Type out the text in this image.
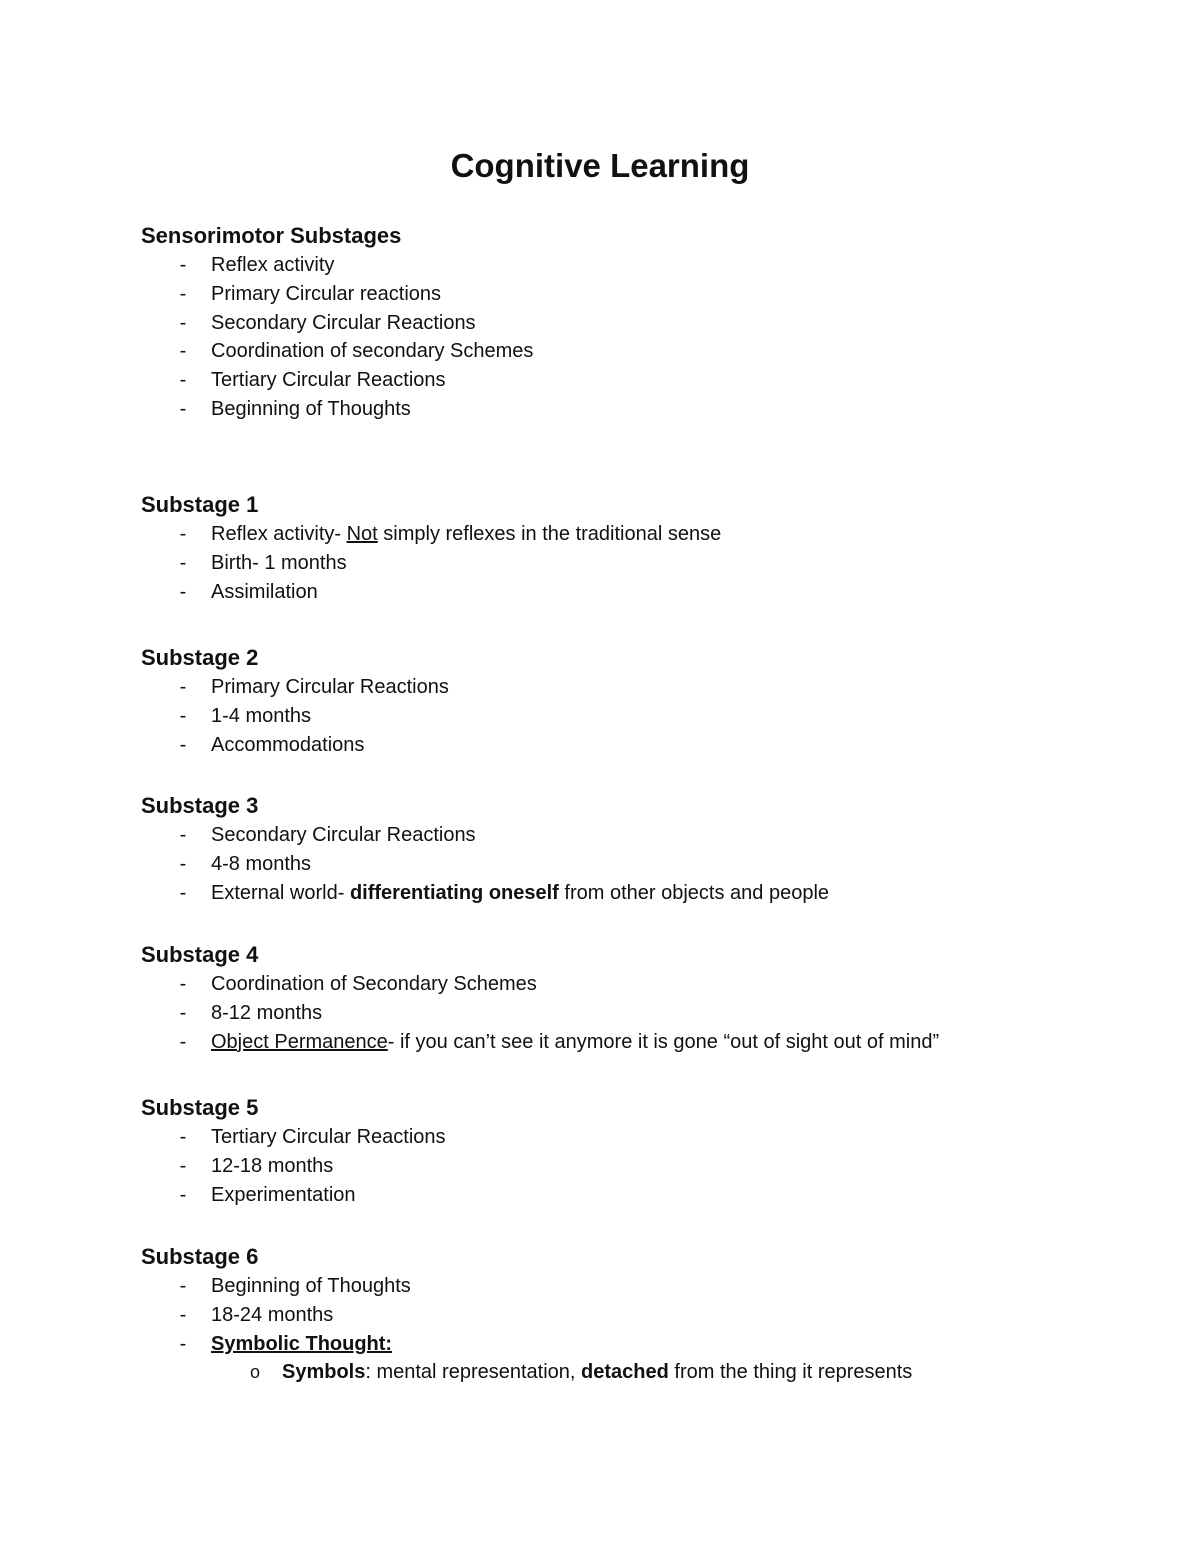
Cognitive Learning
Sensorimotor Substages
- Reflex activity
- Primary Circular reactions
- Secondary Circular Reactions
- Coordination of secondary Schemes
- Tertiary Circular Reactions
- Beginning of Thoughts
Substage 1
- Reflex activity- Not simply reflexes in the traditional sense
- Birth- 1 months
- Assimilation
Substage 2
- Primary Circular Reactions
- 1-4 months
- Accommodations
Substage 3
- Secondary Circular Reactions
- 4-8 months
- External world- differentiating oneself from other objects and people
Substage 4
- Coordination of Secondary Schemes
- 8-12 months
- Object Permanence- if you can’t see it anymore it is gone “out of sight out of mind”
Substage 5
- Tertiary Circular Reactions
- 12-18 months
- Experimentation
Substage 6
- Beginning of Thoughts
- 18-24 months
- Symbolic Thought:
o Symbols: mental representation, detached from the thing it represents
